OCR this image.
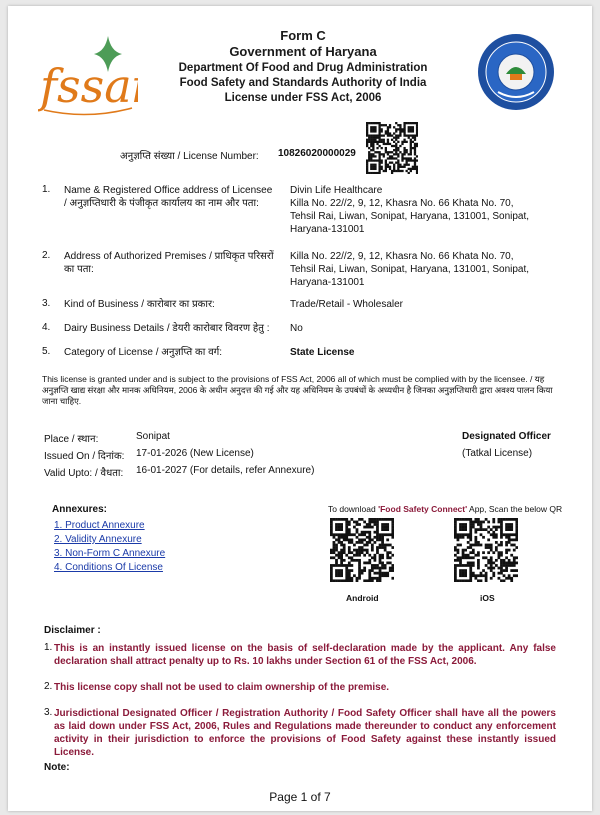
fssai
Form C
Government of Haryana
Department Of Food and Drug Administration
Food Safety and Standards Authority of India
License under FSS Act, 2006
अनुज्ञप्ति संख्या / License Number: 10826020000029
1. Name & Registered Office address of Licensee / अनुज्ञप्तिधारी के पंजीकृत कार्यालय का नाम और पता:
Divin Life Healthcare
Killa No. 22//2, 9, 12, Khasra No. 66 Khata No. 70, Tehsil Rai, Liwan, Sonipat, Haryana, 131001, Sonipat, Haryana-131001
2. Address of Authorized Premises / प्राधिकृत परिसरों का पता:
Killa No. 22//2, 9, 12, Khasra No. 66 Khata No. 70, Tehsil Rai, Liwan, Sonipat, Haryana, 131001, Sonipat, Haryana-131001
3. Kind of Business / कारोबार का प्रकार:	Trade/Retail - Wholesaler
4. Dairy Business Details / डेयरी कारोबार विवरण हेतु :	No
5. Category of License / अनुज्ञप्ति का वर्ग:	State License
This license is granted under and is subject to the provisions of FSS Act, 2006 all of which must be complied with by the licensee. / यह अनुज्ञप्ति खाद्य संरक्षा और मानक अधिनियम, 2006 के अधीन अनुदत्त की गई और यह अधिनियम के उपबंधों के अध्यधीन है जिनका अनुज्ञप्तिधारी द्वारा अवश्य पालन किया जाना चाहिए.
Place / स्थान:	Sonipat
Issued On / दिनांक: 17-01-2026 (New License)
Valid Upto: / वैधता: 16-01-2027 (For details, refer Annexure)
Designated Officer
(Tatkal License)
Annexures:
1. Product Annexure
2. Validity Annexure
3. Non-Form C Annexure
4. Conditions Of License
To download 'Food Safety Connect' App, Scan the below QR
Android	iOS
Disclaimer :
1. This is an instantly issued license on the basis of self-declaration made by the applicant. Any false declaration shall attract penalty up to Rs. 10 lakhs under Section 61 of the FSS Act, 2006.
2. This license copy shall not be used to claim ownership of the premise.
3. Jurisdictional Designated Officer / Registration Authority / Food Safety Officer shall have all the powers as laid down under FSS Act, 2006, Rules and Regulations made thereunder to conduct any enforcement activity in their jurisdiction to enforce the provisions of Food Safety against these instantly issued License.
Note:
Page 1 of 7
